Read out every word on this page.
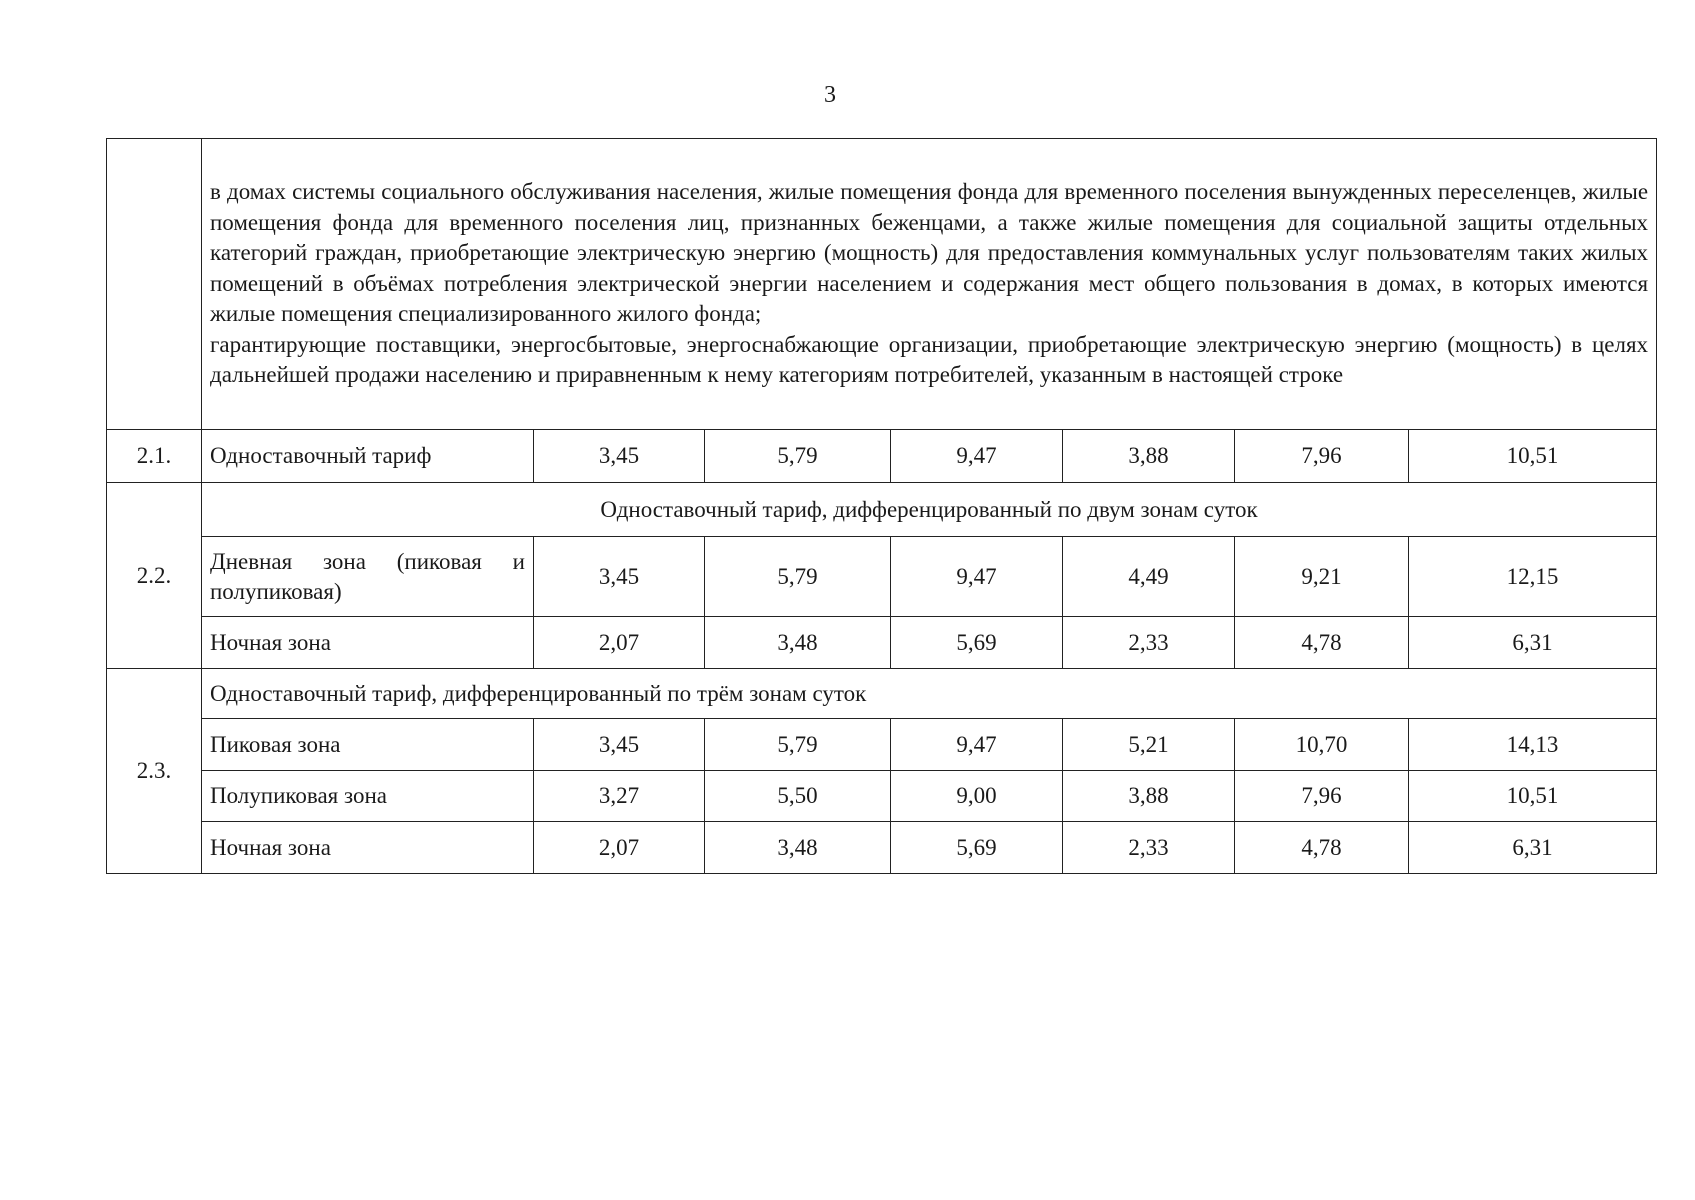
3

	в домах системы социального обслуживания населения, жилые помещения фонда для временного поселения вынужденных переселенцев, жилые помещения фонда для временного поселения лиц, признанных беженцами, а также жилые помещения для социальной защиты отдельных категорий граждан, приобретающие электрическую энергию (мощность) для предоставления коммунальных услуг пользователям таких жилых помещений в объёмах потребления электрической энергии населением и содержания мест общего пользования в домах, в которых имеются жилые помещения специализированного жилого фонда;

гарантирующие поставщики, энергосбытовые, энергоснабжающие организации, приобретающие электрическую энергию (мощность) в целях дальнейшей продажи населению и приравненным к нему категориям потребителей, указанным в настоящей строке						

2.1.	Одноставочный тариф	3,45	5,79	9,47	3,88	7,96	10,51
2.2.	Одноставочный тариф, дифференцированный по двум зонам суток						
	Дневная зона (пиковая и полупиковая)	3,45	5,79	9,47	4,49	9,21	12,15
	Ночная зона	2,07	3,48	5,69	2,33	4,78	6,31
2.3.	Одноставочный тариф, дифференцированный по трём зонам суток						
	Пиковая зона	3,45	5,79	9,47	5,21	10,70	14,13
	Полупиковая зона	3,27	5,50	9,00	3,88	7,96	10,51
	Ночная зона	2,07	3,48	5,69	2,33	4,78	6,31
